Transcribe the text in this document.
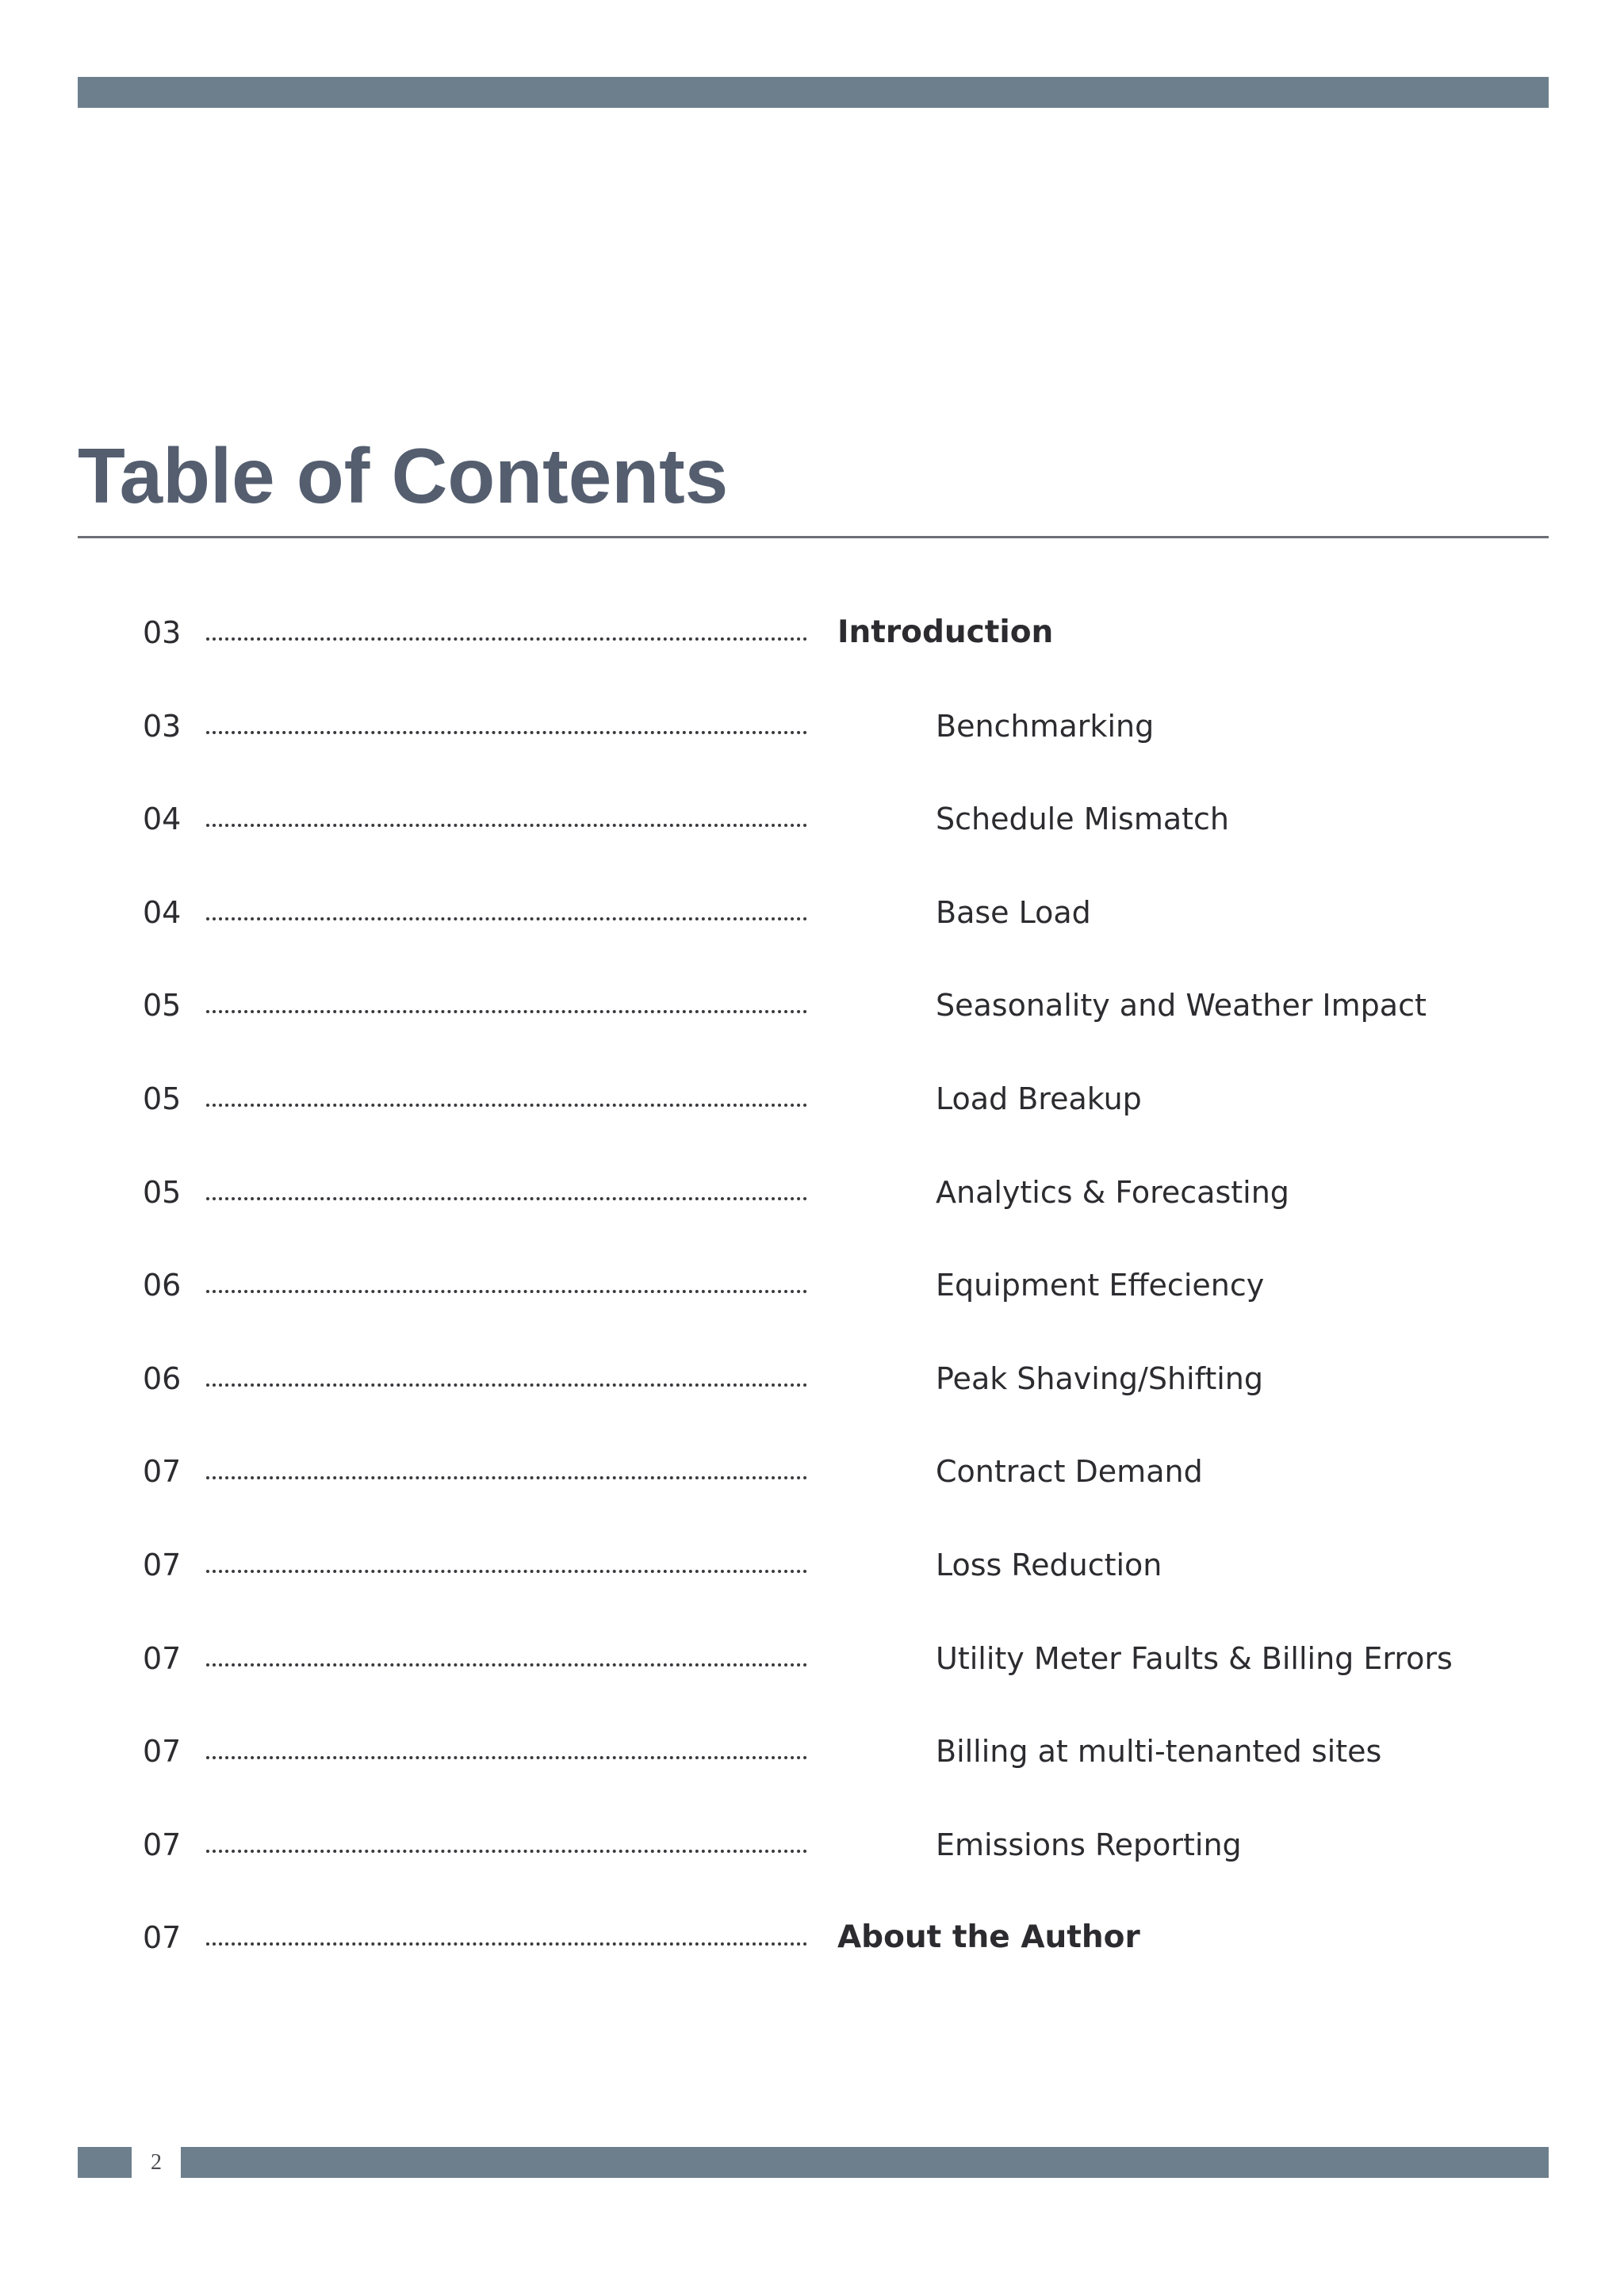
Table of Contents
03	Introduction
03	Benchmarking
04	Schedule Mismatch
04	Base Load
05	Seasonality and Weather Impact
05	Load Breakup
05	Analytics & Forecasting
06	Equipment Effeciency
06	Peak Shaving/Shifting
07	Contract Demand
07	Loss Reduction
07	Utility Meter Faults & Billing Errors
07	Billing at multi-tenanted sites
07	Emissions Reporting
07	About the Author
2
